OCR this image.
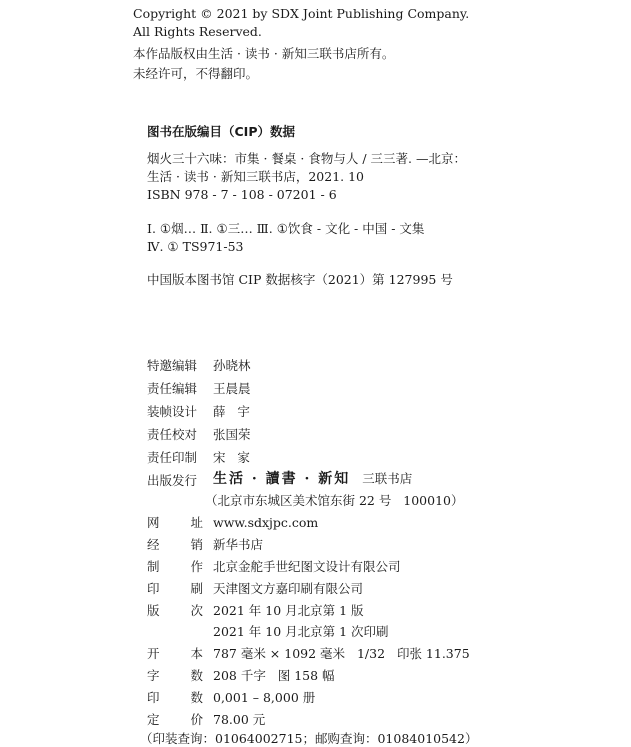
Copyright © 2021 by SDX Joint Publishing Company.
All Rights Reserved.
本作品版权由生活 · 读书 · 新知三联书店所有。
未经许可，不得翻印。
图书在版编目（CIP）数据
烟火三十六味：市集 · 餐桌 · 食物与人 / 三三著. —北京：
生活 · 读书 · 新知三联书店，2021. 10
ISBN 978 - 7 - 108 - 07201 - 6
Ⅰ. ①烟… Ⅱ. ①三… Ⅲ. ①饮食 - 文化 - 中国 - 文集
Ⅳ. ① TS971-53
中国版本图书馆 CIP 数据核字（2021）第 127995 号
特邀编辑	孙晓林
责任编辑	王晨晨
装帧设计	薛   宇
责任校对	张国荣
责任印制	宋   家
出版发行	生活 · 讀書 · 新知 三联书店
（北京市东城区美术馆东街 22 号   100010）
网 址 www.sdxjpc.com
经 销 新华书店
制 作 北京金舵手世纪图文设计有限公司
印 刷 天津图文方嘉印刷有限公司
版 次 2021 年 10 月北京第 1 版
2021 年 10 月北京第 1 次印刷
开 本 787 毫米 × 1092 毫米   1/32   印张 11.375
字 数 208 千字   图 158 幅
印 数 0,001 – 8,000 册
定 价 78.00 元
（印装查询：01064002715；邮购查询：01084010542）
